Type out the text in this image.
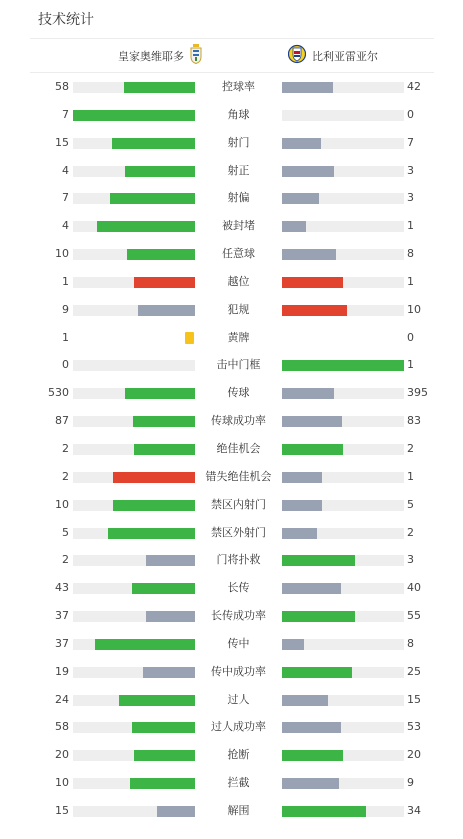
技术统计
皇家奥维耶多	比利亚雷亚尔
58	控球率	42
7	角球	0
15	射门	7
4	射正	3
7	射偏	3
4	被封堵	1
10	任意球	8
1	越位	1
9	犯规	10
1	黄牌	0
0	击中门框	1
530	传球	395
87	传球成功率	83
2	绝佳机会	2
2	错失绝佳机会	1
10	禁区内射门	5
5	禁区外射门	2
2	门将扑救	3
43	长传	40
37	长传成功率	55
37	传中	8
19	传中成功率	25
24	过人	15
58	过人成功率	53
20	抢断	20
10	拦截	9
15	解围	34
